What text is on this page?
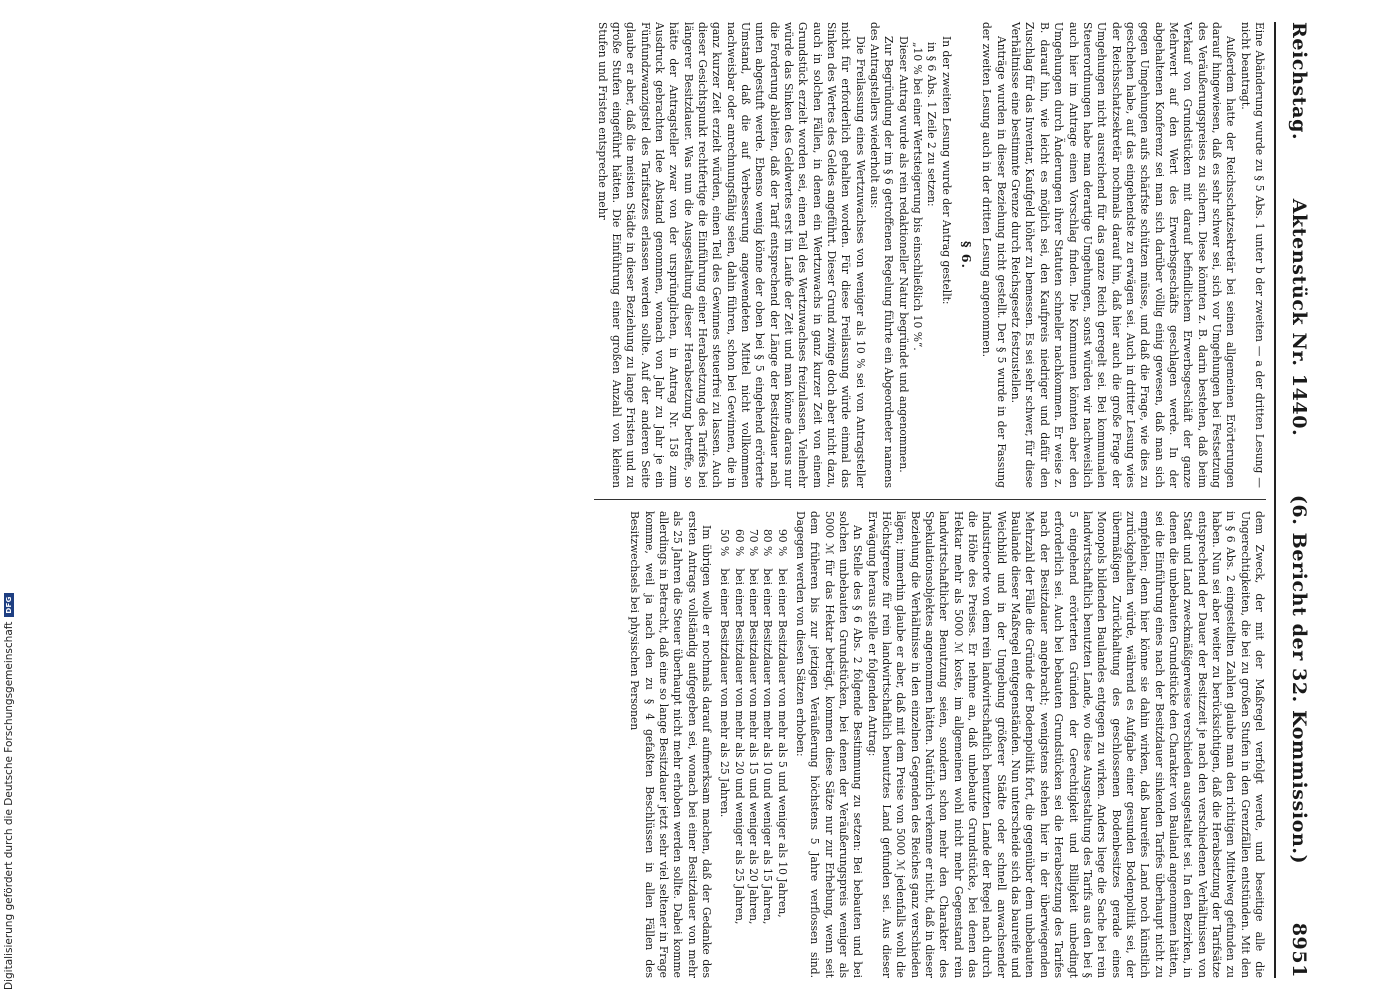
Digitalisierung gefördert durch die Deutsche Forschungsgemeinschaft
DFG
Reichstag.
Aktenstück Nr. 1440.
(6. Bericht der 32. Kommission.)
8951

Eine Abänderung wurde zu § 5 Abs. 1 unter b der zweiten — a der dritten Lesung — nicht beantragt.

Außerdem hatte der Reichsschatzsekretär bei seinen allgemeinen Erörterungen darauf hingewiesen, daß es sehr schwer sei, sich vor Umgehungen bei Festsetzung des Veräußerungspreises zu sichern. Diese könnten z. B. darin bestehen, daß beim Verkauf von Grundstücken mit darauf befindlichem Erwerbsgeschäft der ganze Mehrwert auf den Wert des Erwerbsgeschäfts geschlagen werde. In der abgehaltenen Konferenz sei man sich darüber völlig einig gewesen, daß man sich gegen Umgehungen aufs schärfste schützen müsse, und daß die Frage, wie dies zu geschehen habe, auf das eingehendste zu erwägen sei. Auch in dritter Lesung wies der Reichsschatzsekretär nochmals darauf hin, daß hier auch die große Frage der Umgehungen nicht ausreichend für das ganze Reich geregelt sei. Bei kommunalen Steuerordnungen habe man derartige Umgehungen, sonst würden wir nachweislich auch hier im Antrage einen Vorschlag finden. Die Kommunen könnten aber den Umgehungen durch Änderungen ihrer Statuten schneller nachkommen. Er weise z. B. darauf hin, wie leicht es möglich sei, den Kaufpreis niedriger und dafür den Zuschlag für das Inventar, Kaufgeld höher zu bemessen. Es sei sehr schwer, für diese Verhältnisse eine bestimmte Grenze durch Reichsgesetz festzustellen.

Anträge wurden in dieser Beziehung nicht gestellt. Der § 5 wurde in der Fassung der zweiten Lesung auch in der dritten Lesung angenommen.

§ 6.

In der zweiten Lesung wurde der Antrag gestellt:

in § 6 Abs. 1 Zeile 2 zu setzen:

„10 % bei einer Wertsteigerung bis einschließlich 10 %“.

Dieser Antrag wurde als rein redaktioneller Natur begründet und angenommen.

Zur Begründung der im § 6 getroffenen Regelung führte ein Abgeordneter namens des Antragstellers wiederholt aus:

Die Freilassung eines Wertzuwachses von weniger als 10 % sei von Antragsteller nicht für erforderlich gehalten worden. Für diese Freilassung würde einmal das Sinken des Wertes des Geldes angeführt. Dieser Grund zwinge doch aber nicht dazu, auch in solchen Fällen, in denen ein Wertzuwachs in ganz kurzer Zeit von einem Grundstück erzielt worden sei, einen Teil des Wertzuwachses freizulassen. Vielmehr würde das Sinken des Geldwertes erst im Laufe der Zeit und man könne daraus nur die Forderung ableiten, daß der Tarif entsprechend der Länge der Besitzdauer nach unten abgestuft werde. Ebenso wenig könne der oben bei § 5 eingehend erörterte Umstand, daß die auf Verbesserung angewendeten Mittel nicht vollkommen nachweisbar oder anrechnungsfähig seien, dahin führen, schon bei Gewinnen, die in ganz kurzer Zeit erzielt würden, einen Teil des Gewinnes steuerfrei zu lassen. Auch dieser Gesichtspunkt rechtfertige die Einführung einer Herabsetzung des Tarifes bei längerer Besitzdauer. Was nun die Ausgestaltung dieser Herabsetzung betreffe, so hätte der Antragsteller zwar von der ursprünglichen, in Antrag Nr. 158 zum Ausdruck gebrachten Idee Abstand genommen, wonach von Jahr zu Jahr je ein Fünfundzwanzigstel des Tarifsatzes erlassen werden sollte. Auf der anderen Seite glaube er aber, daß die meisten Städte in dieser Beziehung zu lange Fristen und zu große Stufen eingeführt hätten. Die Einführung einer großen Anzahl von kleinen Stufen und Fristen entspreche mehr

dem Zweck, der mit der Maßregel verfolgt werde, und beseitige alle die Ungerechtigkeiten, die bei zu großen Stufen in den Grenzfällen entstünden. Mit den in § 6 Abs. 2 eingestellten Zahlen glaube man den richtigen Mittelweg gefunden zu haben. Nun sei aber weiter zu berücksichtigen, daß die Herabsetzung der Tarifsätze entsprechend der Dauer der Besitzzeit je nach den verschiedenen Verhältnissen von Stadt und Land zweckmäßigerweise verschieden ausgestaltet sei. In den Bezirken, in denen die unbebauten Grundstücke den Charakter von Bauland angenommen hätten, sei die Einführung eines nach der Besitzdauer sinkenden Tarifes überhaupt nicht zu empfehlen; denn hier könne sie dahin wirken, daß baureifes Land noch künstlich zurückgehalten würde, während es Aufgabe einer gesunden Bodenpolitik sei, der übermäßigen Zurückhaltung des geschlossenen Bodenbesitzes gerade eines Monopols bildenden Baulandes entgegen zu wirken. Anders liege die Sache bei rein landwirtschaftlich benutzten Lande, wo diese Ausgestaltung des Tarifs aus den bei § 5 eingehend erörterten Gründen der Gerechtigkeit und Billigkeit unbedingt erforderlich sei. Auch bei bebauten Grundstücken sei die Herabsetzung des Tarifes nach der Besitzdauer angebracht; wenigstens stehen hier in der überwiegenden Mehrzahl der Fälle die Gründe der Bodenpolitik fort, die gegenüber dem unbebauten Baulande dieser Maßregel entgegenständen. Nun unterscheide sich das baureife und Weichbild und in der Umgebung größerer Städte oder schnell anwachsender Industrieorte von dem rein landwirtschaftlich benutzten Lande der Regel nach durch die Höhe des Preises. Er nehme an, daß unbebaute Grundstücke, bei denen das Hektar mehr als 5000 ℳ koste, im allgemeinen wohl nicht mehr Gegenstand rein landwirtschaftlicher Benutzung seien, sondern schon mehr den Charakter des Spekulationsobjektes angenommen hätten. Natürlich verkenne er nicht, daß in dieser Beziehung die Verhältnisse in den einzelnen Gegenden des Reiches ganz verschieden lägen; immerhin glaube er aber, daß mit dem Preise von 5000 ℳ jedenfalls wohl die Höchstgrenze für rein landwirtschaftlich benutztes Land gefunden sei. Aus dieser Erwägung heraus stelle er folgenden Antrag:

An Stelle des § 6 Abs. 2 folgende Bestimmung zu setzen: Bei bebauten und bei solchen unbebauten Grundstücken, bei denen der Veräußerungspreis weniger als 5000 ℳ für das Hektar beträgt, kommen diese Sätze nur zur Erhebung, wenn seit dem früheren bis zur jetzigen Veräußerung höchstens 5 Jahre verflossen sind. Dagegen werden von diesen Sätzen erhoben:

90 % bei einer Besitzdauer von mehr als 5 und weniger als 10 Jahren,
80 % bei einer Besitzdauer von mehr als 10 und weniger als 15 Jahren,
70 % bei einer Besitzdauer von mehr als 15 und weniger als 20 Jahren,
60 % bei einer Besitzdauer von mehr als 20 und weniger als 25 Jahren,
50 % bei einer Besitzdauer von mehr als 25 Jahren.

Im übrigen wolle er nochmals darauf aufmerksam machen, daß der Gedanke des ersten Antrags vollständig aufgegeben sei, wonach bei einer Besitzdauer von mehr als 25 Jahren die Steuer überhaupt nicht mehr erhoben werden sollte. Dabei komme allerdings in Betracht, daß eine so lange Besitzdauer jetzt sehr viel seltener in Frage komme, weil ja nach den zu § 4 gefaßten Beschlüssen in allen Fällen des Besitzwechsels bei physischen Personen
